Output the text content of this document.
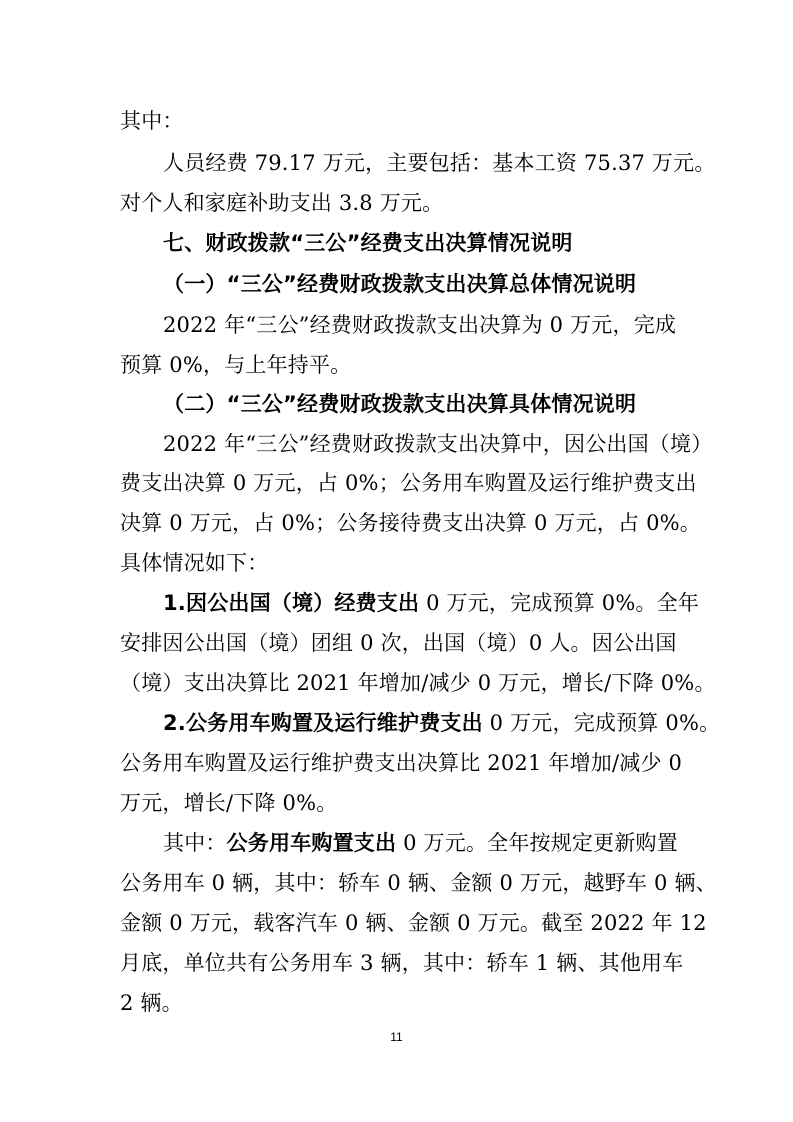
其中：
人员经费 79.17 万元，主要包括：基本工资 75.37 万元。
对个人和家庭补助支出 3.8 万元。
七、财政拨款“三公”经费支出决算情况说明
（一）“三公”经费财政拨款支出决算总体情况说明
2022 年“三公”经费财政拨款支出决算为 0 万元，完成
预算 0%，与上年持平。
（二）“三公”经费财政拨款支出决算具体情况说明
2022 年“三公”经费财政拨款支出决算中，因公出国（境）
费支出决算 0 万元，占 0%；公务用车购置及运行维护费支出
决算 0 万元，占 0%；公务接待费支出决算 0 万元，占 0%。
具体情况如下：
1.因公出国（境）经费支出 0 万元，完成预算 0%。全年
安排因公出国（境）团组 0 次，出国（境）0 人。因公出国
（境）支出决算比 2021 年增加/减少 0 万元，增长/下降 0%。
2.公务用车购置及运行维护费支出 0 万元，完成预算 0%。
公务用车购置及运行维护费支出决算比 2021 年增加/减少 0
万元，增长/下降 0%。
其中：公务用车购置支出 0 万元。全年按规定更新购置
公务用车 0 辆，其中：轿车 0 辆、金额 0 万元，越野车 0 辆、
金额 0 万元，载客汽车 0 辆、金额 0 万元。截至 2022 年 12
月底，单位共有公务用车 3 辆，其中：轿车 1 辆、其他用车
2 辆。
11
